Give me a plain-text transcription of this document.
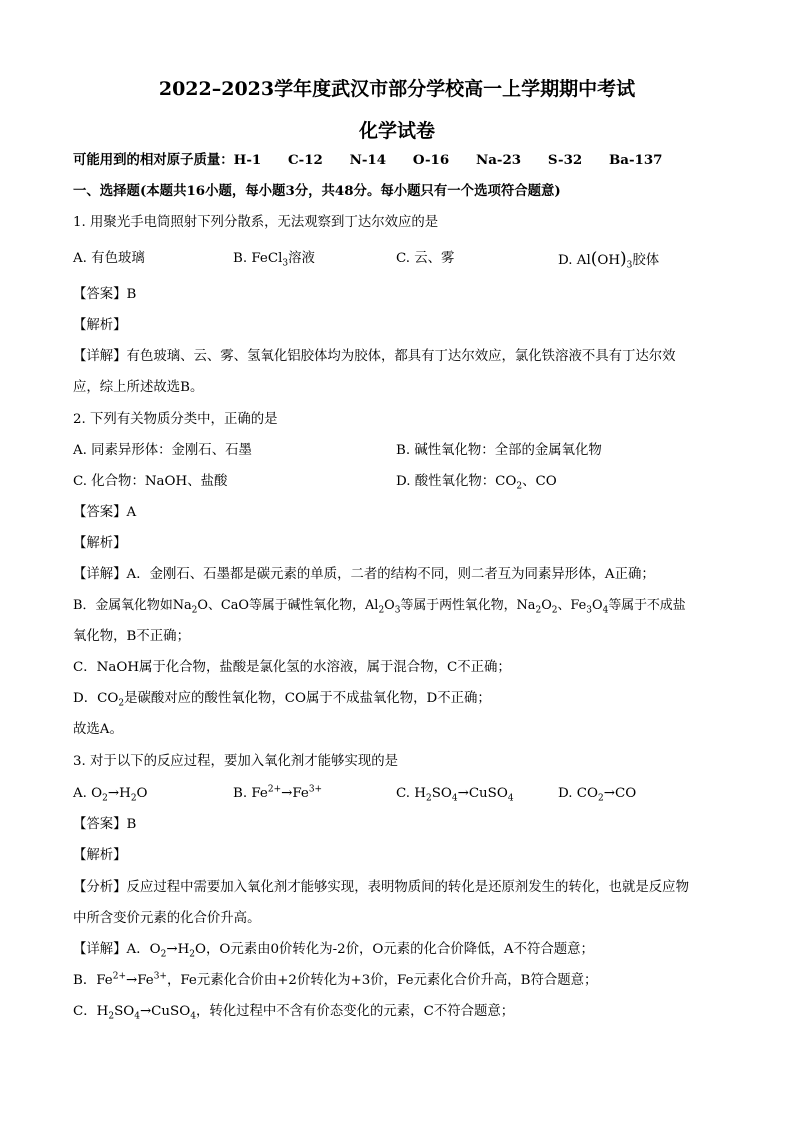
2022–2023学年度武汉市部分学校高一上学期期中考试
化学试卷
可能用到的相对原子质量：H-1　　C-12　　N-14　　O-16　　Na-23　　S-32　　Ba-137
一、选择题(本题共16小题，每小题3分，共48分。每小题只有一个选项符合题意)
1. 用聚光手电筒照射下列分散系，无法观察到丁达尔效应的是
A. 有色玻璃	B. FeCl$_3$溶液	C. 云、雾	D. $Al(OH)_3$胶体
【答案】B
【解析】
【详解】有色玻璃、云、雾、氢氧化铝胶体均为胶体，都具有丁达尔效应，氯化铁溶液不具有丁达尔效
应，综上所述故选B。
2. 下列有关物质分类中，正确的是
A. 同素异形体：金刚石、石墨	B. 碱性氧化物：全部的金属氧化物
C. 化合物：NaOH、盐酸	D. 酸性氧化物：$CO_2$、CO
【答案】A
【解析】
【详解】A．金刚石、石墨都是碳元素的单质，二者的结构不同，则二者互为同素异形体，A正确；
B．金属氧化物如$Na_2O$、CaO等属于碱性氧化物，$Al_2O_3$等属于两性氧化物，$Na_2O_2$、$Fe_3O_4$等属于不成盐
氧化物，B不正确；
C．NaOH属于化合物，盐酸是氯化氢的水溶液，属于混合物，C不正确；
D．$CO_2$是碳酸对应的酸性氧化物，CO属于不成盐氧化物，D不正确；
故选A。
3. 对于以下的反应过程，要加入氧化剂才能够实现的是
A. $O_2\to H_2O$	B. $Fe^{2+}\to Fe^{3+}$	C. $H_2SO_4\to CuSO_4$	D. $CO_2\to CO$
【答案】B
【解析】
【分析】反应过程中需要加入氧化剂才能够实现，表明物质间的转化是还原剂发生的转化，也就是反应物
中所含变价元素的化合价升高。
【详解】A．$O_2\to H_2O$，O元素由0价转化为-2价，O元素的化合价降低，A不符合题意；
B．$Fe^{2+}\to Fe^{3+}$，Fe元素化合价由+2价转化为+3价，Fe元素化合价升高，B符合题意；
C．$H_2SO_4\to CuSO_4$，转化过程中不含有价态变化的元素，C不符合题意；
